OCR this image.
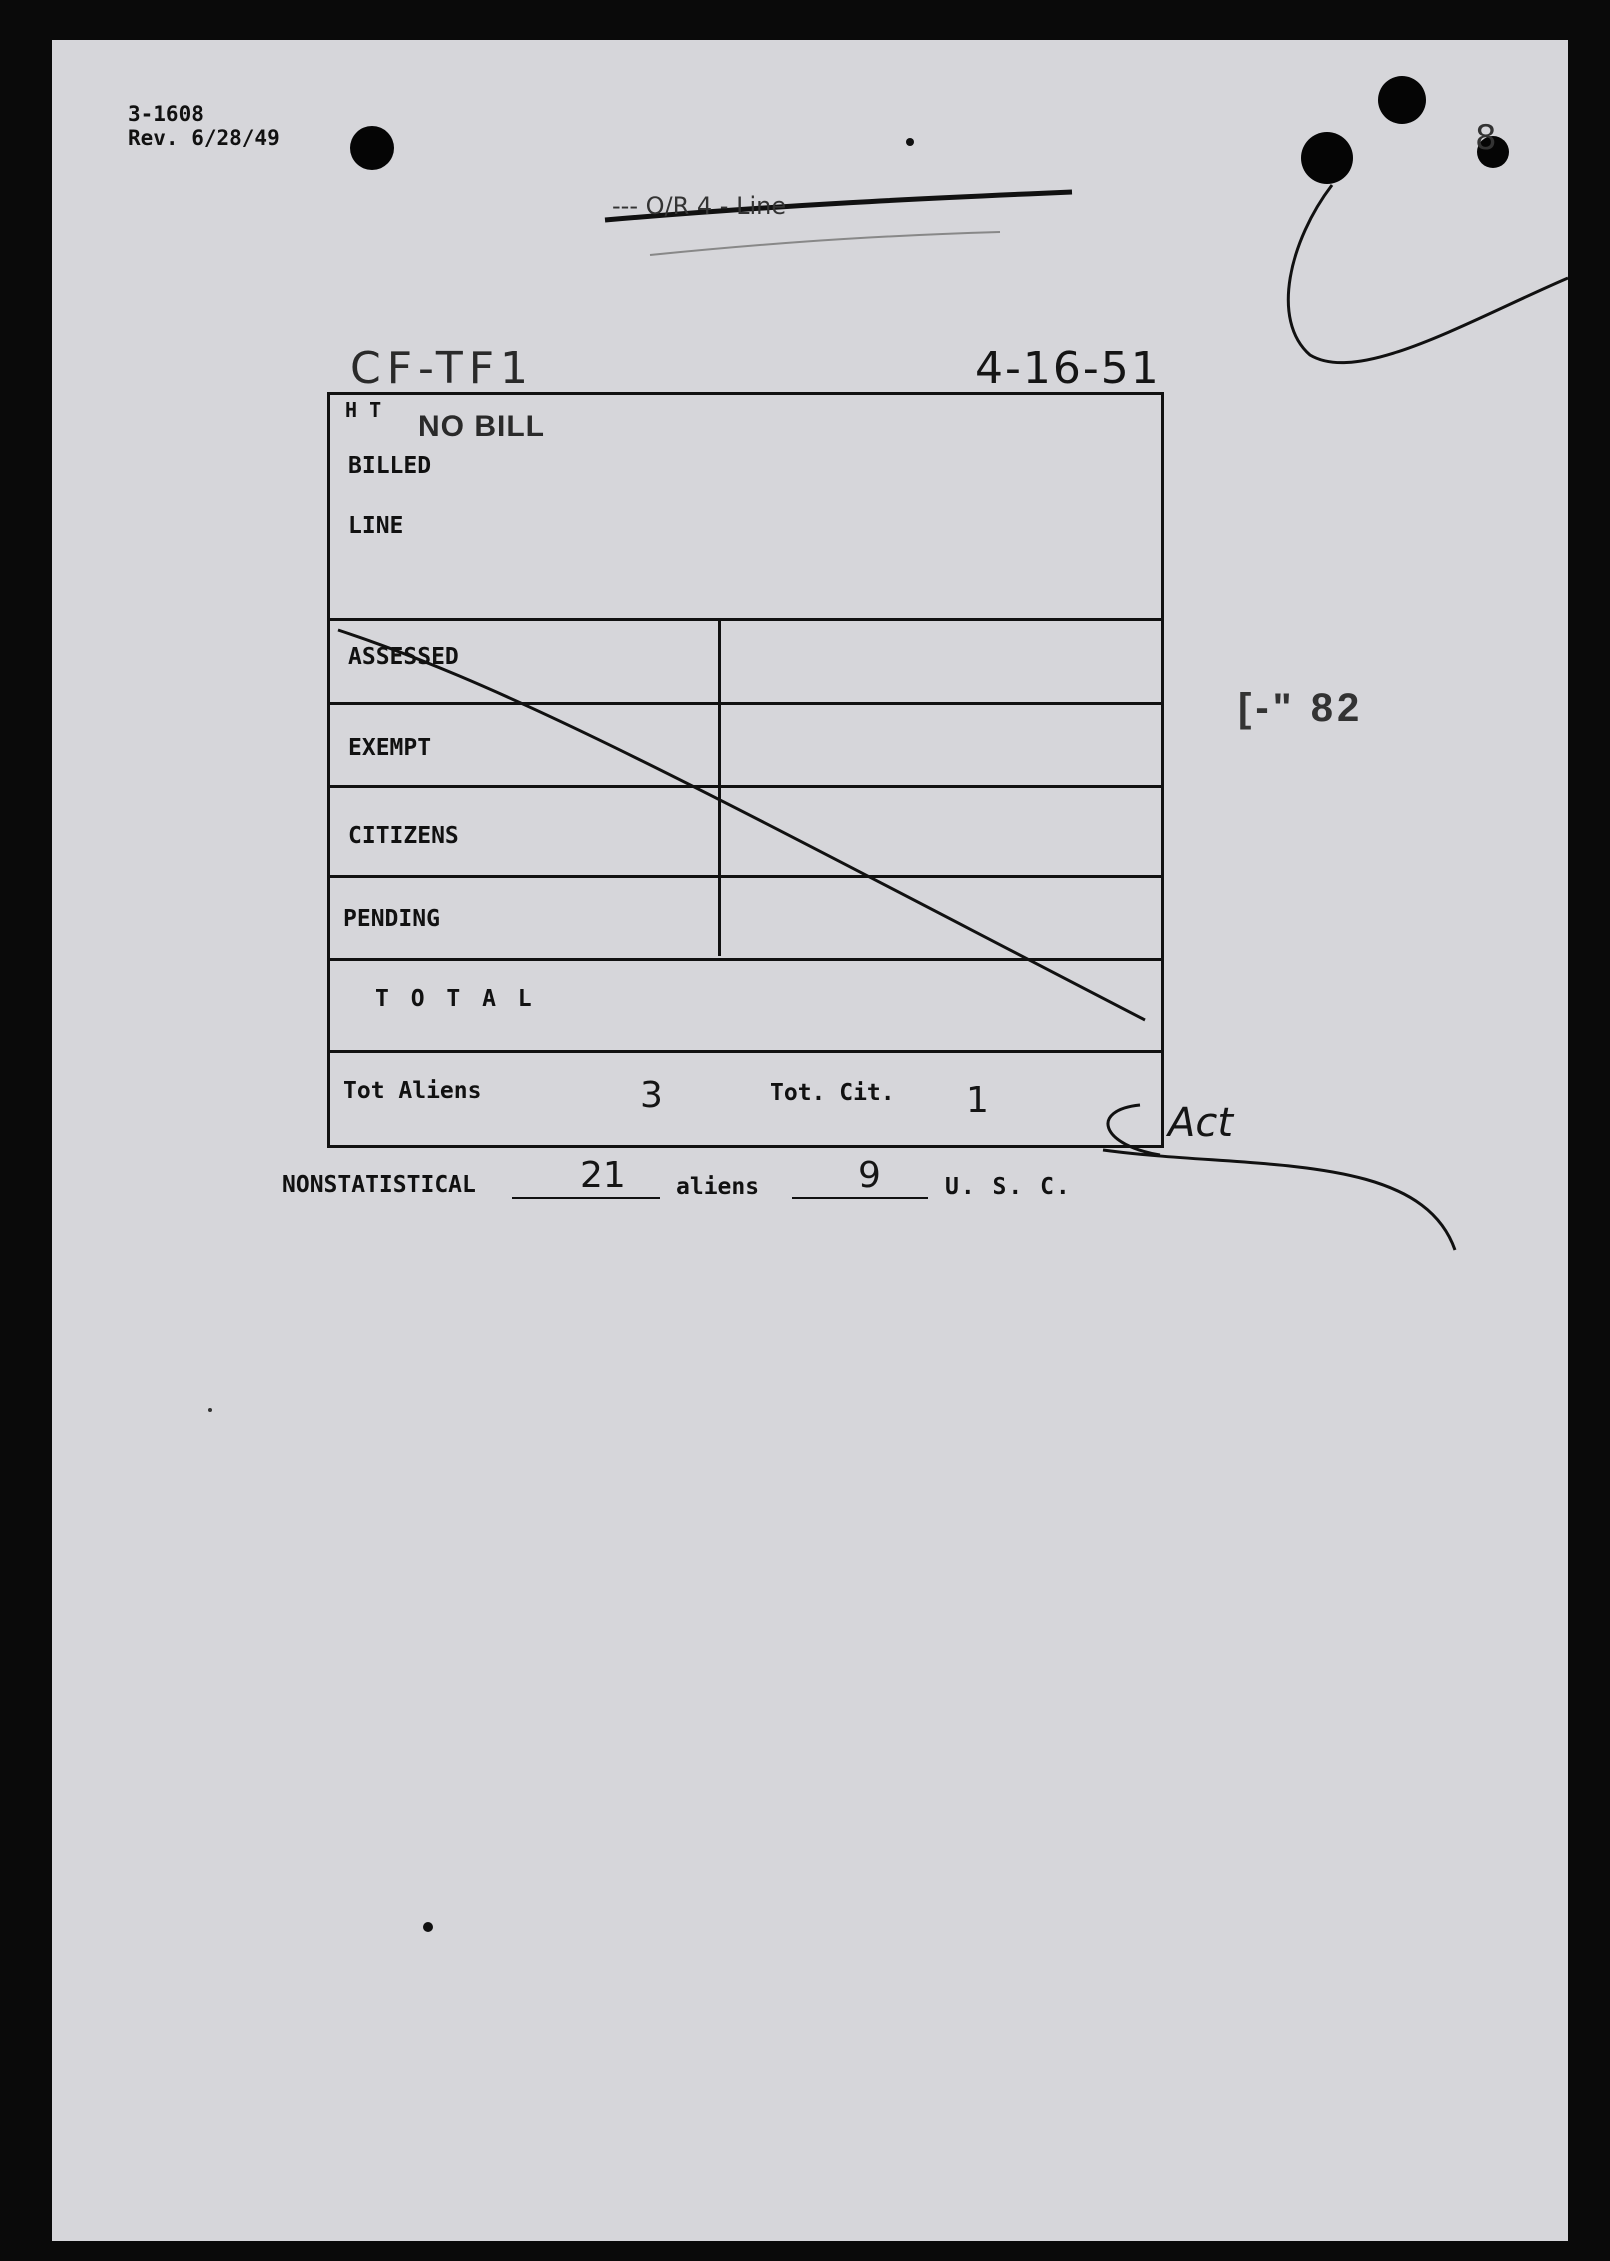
3-1608
Rev. 6/28/49
--- O/R 4 - Line
CF-TF1	4-16-51
8
H T NO BILL
BILLED
LINE
ASSESSED
EXEMPT
CITIZENS
PENDING
T O T A L
Tot Aliens	3	Tot. Cit. 1	Act
[-" 82
NONSTATISTICAL	21 aliens	9	U. S. C.
